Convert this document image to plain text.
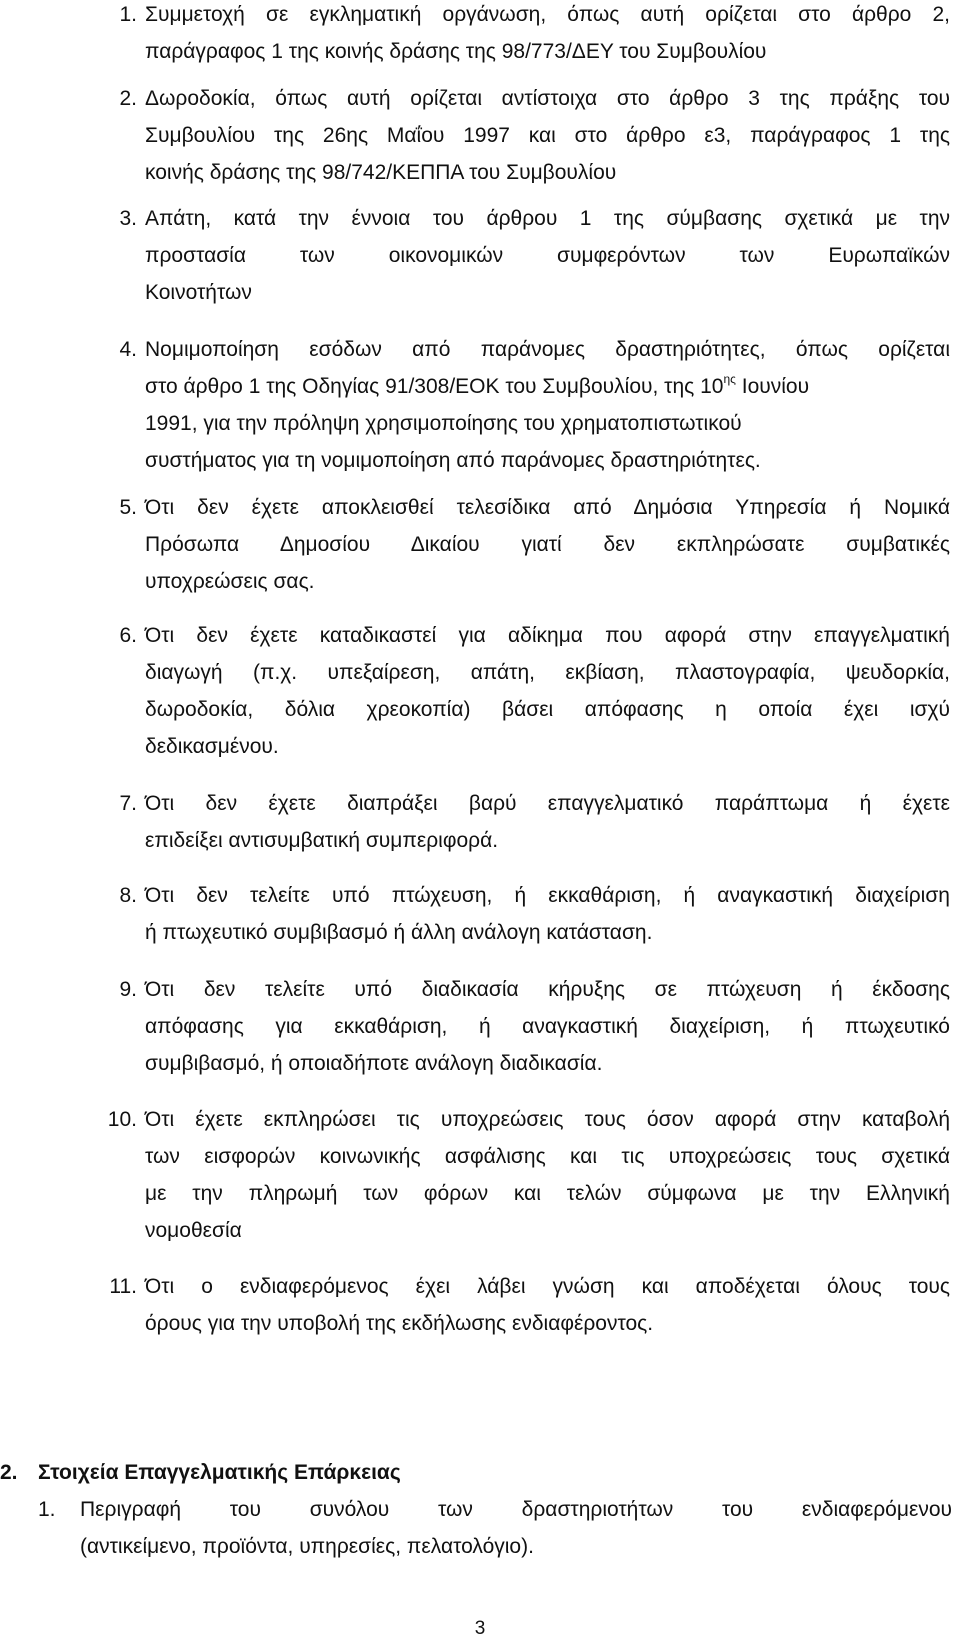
1. Συμμετοχή σε εγκληματική οργάνωση, όπως αυτή ορίζεται στο άρθρο 2,
παράγραφος 1 της κοινής δράσης της 98/773/ΔΕΥ του Συμβουλίου
2. Δωροδοκία, όπως αυτή ορίζεται αντίστοιχα στο άρθρο 3 της πράξης του
Συμβουλίου της 26ης Μαΐου 1997 και στο άρθρο ε3, παράγραφος 1 της
κοινής δράσης της 98/742/ΚΕΠΠΑ του Συμβουλίου
3. Απάτη, κατά την έννοια του άρθρου 1 της σύμβασης σχετικά με την
προστασία των οικονομικών συμφερόντων των Ευρωπαϊκών
Κοινοτήτων
4. Νομιμοποίηση εσόδων από παράνομες δραστηριότητες, όπως ορίζεται
στο άρθρο 1 της Οδηγίας 91/308/ΕΟΚ του Συμβουλίου, της $10^{\eta\varsigma}$ Ιουνίου
1991, για την πρόληψη χρησιμοποίησης του χρηματοπιστωτικού
συστήματος για τη νομιμοποίηση από παράνομες δραστηριότητες.
5. Ότι δεν έχετε αποκλεισθεί τελεσίδικα από Δημόσια Υπηρεσία ή Νομικά
Πρόσωπα Δημοσίου Δικαίου γιατί δεν εκπληρώσατε συμβατικές
υποχρεώσεις σας.
6. Ότι δεν έχετε καταδικαστεί για αδίκημα που αφορά στην επαγγελματική
διαγωγή (π.χ. υπεξαίρεση, απάτη, εκβίαση, πλαστογραφία, ψευδορκία,
δωροδοκία, δόλια χρεοκοπία) βάσει απόφασης η οποία έχει ισχύ
δεδικασμένου.
7. Ότι δεν έχετε διαπράξει βαρύ επαγγελματικό παράπτωμα ή έχετε
επιδείξει αντισυμβατική συμπεριφορά.
8. Ότι δεν τελείτε υπό πτώχευση, ή εκκαθάριση, ή αναγκαστική διαχείριση
ή πτωχευτικό συμβιβασμό ή άλλη ανάλογη κατάσταση.
9. Ότι δεν τελείτε υπό διαδικασία κήρυξης σε πτώχευση ή έκδοσης
απόφασης για εκκαθάριση, ή αναγκαστική διαχείριση, ή πτωχευτικό
συμβιβασμό, ή οποιαδήποτε ανάλογη διαδικασία.
10. Ότι έχετε εκπληρώσει τις υποχρεώσεις τους όσον αφορά στην καταβολή
των εισφορών κοινωνικής ασφάλισης και τις υποχρεώσεις τους σχετικά
με την πληρωμή των φόρων και τελών σύμφωνα με την Ελληνική
νομοθεσία
11. Ότι ο ενδιαφερόμενος έχει λάβει γνώση και αποδέχεται όλους τους
όρους για την υποβολή της εκδήλωσης ενδιαφέροντος.
2. Στοιχεία Επαγγελματικής Επάρκειας
1. Περιγραφή του συνόλου των δραστηριοτήτων του ενδιαφερόμενου
(αντικείμενο, προϊόντα, υπηρεσίες, πελατολόγιο).
3
